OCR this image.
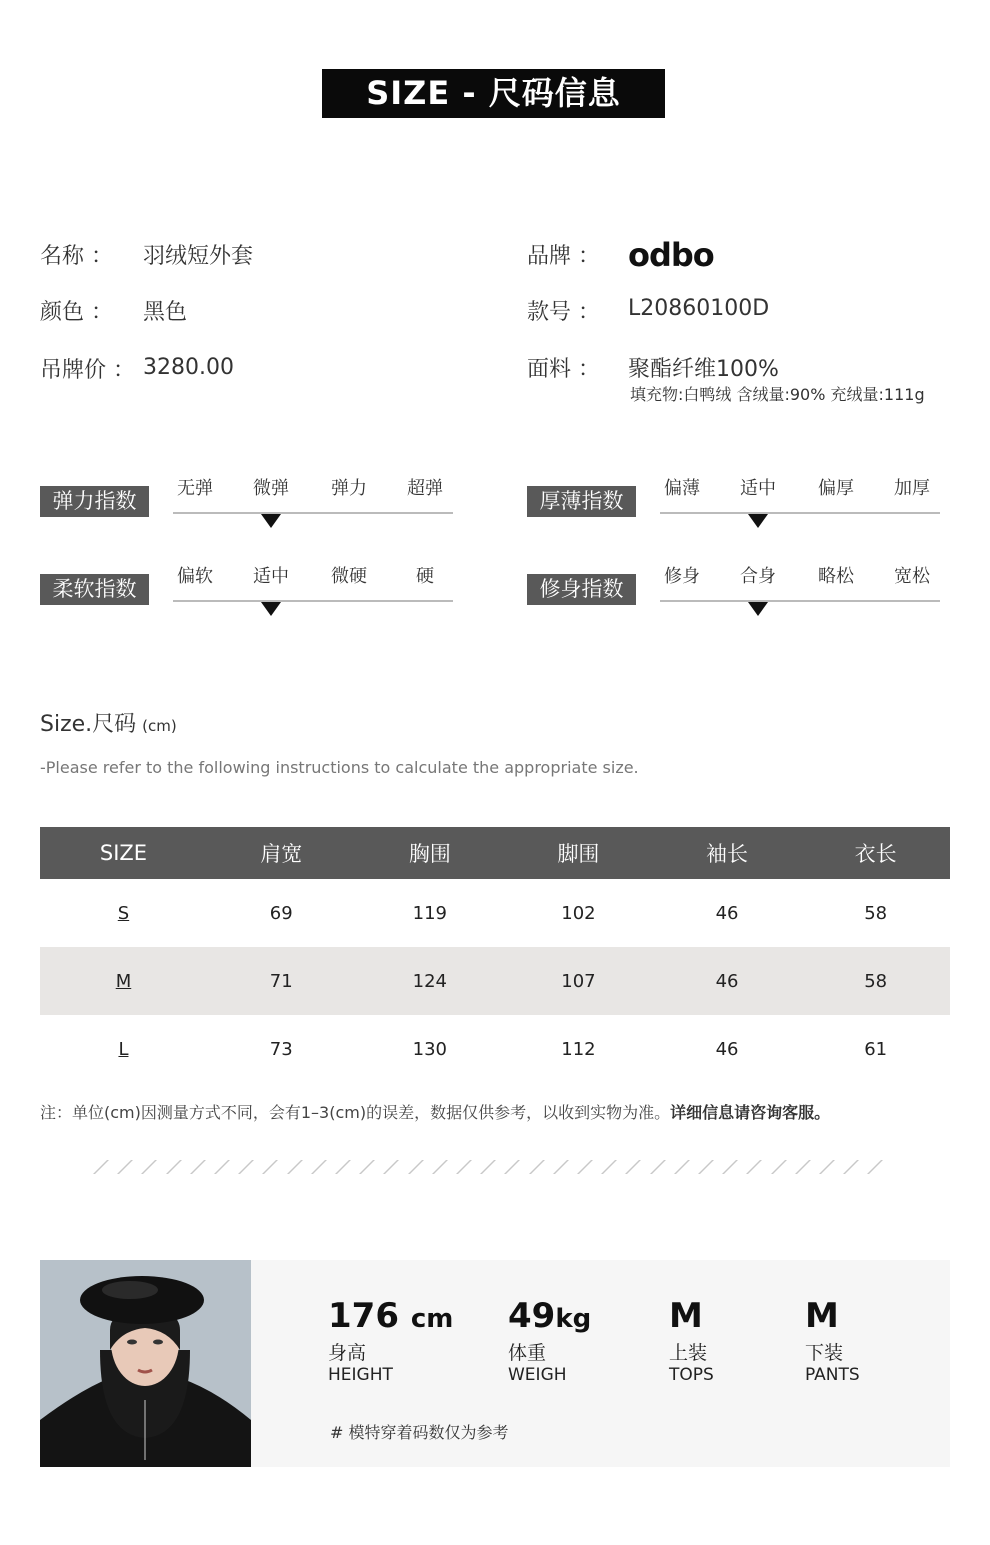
SIZE - 尺码信息
名称 ： 羽绒短外套
颜色 ： 黑色
吊牌价 ： 3280.00
品牌 ： odbo
款号 ： L20860100D
面料 ： 聚酯纤维100%
填充物:白鸭绒 含绒量:90% 充绒量:111g
弹力指数
无弹	微弹	弹力	超弹
厚薄指数
偏薄	适中	偏厚	加厚
柔软指数
偏软	适中	微硬	硬
修身指数
修身	合身	略松	宽松
Size.尺码 (cm)
-Please refer to the following instructions to calculate the appropriate size.
SIZE	肩宽	胸围	脚围	袖长	衣长
S	69	119	102	46	58
M	71	124	107	46	58
L	73	130	112	46	61
注：单位(cm)因测量方式不同，会有1–3(cm)的误差，数据仅供参考，以收到实物为准。详细信息请咨询客服。
176 cm
身高
HEIGHT
49kg
体重
WEIGH
M
上装
TOPS
M
下装
PANTS
# 模特穿着码数仅为参考
